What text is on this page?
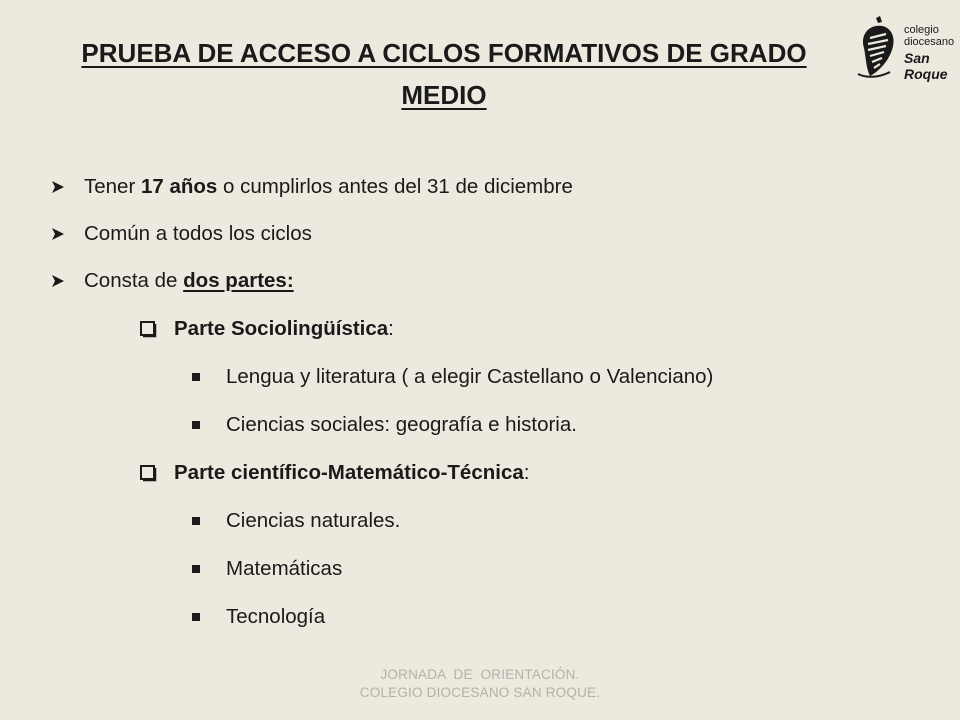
PRUEBA DE ACCESO A CICLOS FORMATIVOS DE GRADO MEDIO
colegio
diocesano
San Roque
Tener 17 años o cumplirlos antes del 31 de diciembre
Común a todos los ciclos
Consta de dos partes:
Parte Sociolingüística:
Lengua y literatura ( a elegir Castellano o Valenciano)
Ciencias sociales: geografía e historia.
Parte científico-Matemático-Técnica:
Ciencias naturales.
Matemáticas
Tecnología
JORNADA  DE  ORIENTACIÓN.
COLEGIO DIOCESANO SAN ROQUE.
